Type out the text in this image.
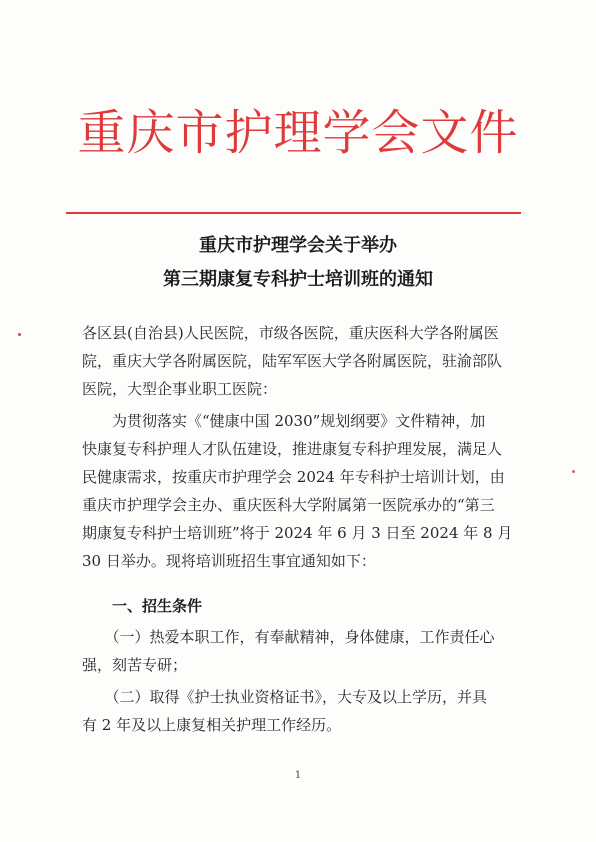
重庆市护理学会文件
重庆市护理学会关于举办
第三期康复专科护士培训班的通知
各区县(自治县)人民医院，市级各医院，重庆医科大学各附属医
院，重庆大学各附属医院，陆军军医大学各附属医院，驻渝部队
医院，大型企事业职工医院：
　　为贯彻落实《“健康中国 2030”规划纲要》文件精神，加
快康复专科护理人才队伍建设，推进康复专科护理发展，满足人
民健康需求，按重庆市护理学会 2024 年专科护士培训计划，由
重庆市护理学会主办、重庆医科大学附属第一医院承办的“第三
期康复专科护士培训班”将于 2024 年 6 月 3 日至 2024 年 8 月
30 日举办。现将培训班招生事宜通知如下：
一、招生条件
　　（一）热爱本职工作，有奉献精神，身体健康，工作责任心
强，刻苦专研；
　　（二）取得《护士执业资格证书》，大专及以上学历，并具
有 2 年及以上康复相关护理工作经历。
1
